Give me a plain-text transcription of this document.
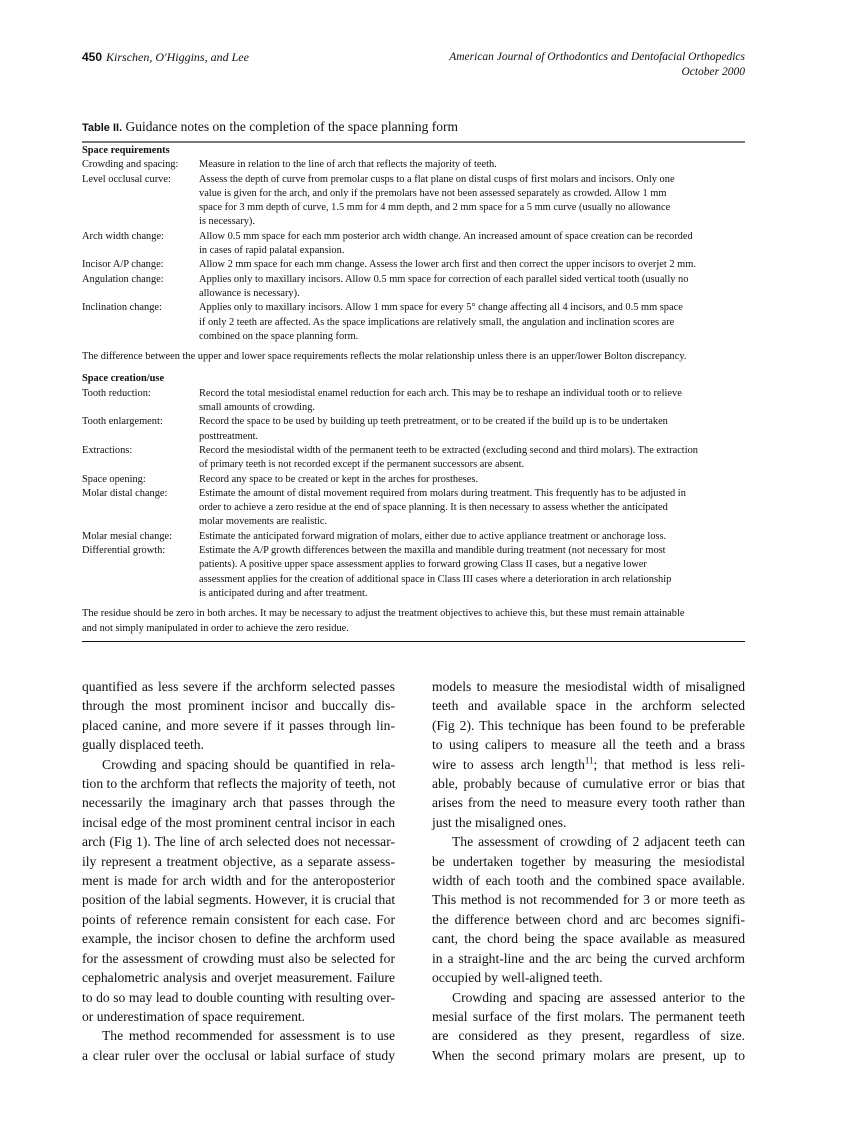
450 Kirschen, O'Higgins, and Lee	American Journal of Orthodontics and Dentofacial Orthopedics
October 2000
Table II. Guidance notes on the completion of the space planning form
Space requirements
Crowding and spacing:	Measure in relation to the line of arch that reflects the majority of teeth.
Level occlusal curve:	Assess the depth of curve from premolar cusps to a flat plane on distal cusps of first molars and incisors. Only one
value is given for the arch, and only if the premolars have not been assessed separately as crowded. Allow 1 mm
space for 3 mm depth of curve, 1.5 mm for 4 mm depth, and 2 mm space for a 5 mm curve (usually no allowance
is necessary).
Arch width change:	Allow 0.5 mm space for each mm posterior arch width change. An increased amount of space creation can be recorded
in cases of rapid palatal expansion.
Incisor A/P change:	Allow 2 mm space for each mm change. Assess the lower arch first and then correct the upper incisors to overjet 2 mm.
Angulation change:	Applies only to maxillary incisors. Allow 0.5 mm space for correction of each parallel sided vertical tooth (usually no
allowance is necessary).
Inclination change:	Applies only to maxillary incisors. Allow 1 mm space for every 5° change affecting all 4 incisors, and 0.5 mm space
if only 2 teeth are affected. As the space implications are relatively small, the angulation and inclination scores are
combined on the space planning form.
The difference between the upper and lower space requirements reflects the molar relationship unless there is an upper/lower Bolton discrepancy.
Space creation/use
Tooth reduction:	Record the total mesiodistal enamel reduction for each arch. This may be to reshape an individual tooth or to relieve
small amounts of crowding.
Tooth enlargement:	Record the space to be used by building up teeth pretreatment, or to be created if the build up is to be undertaken
posttreatment.
Extractions:	Record the mesiodistal width of the permanent teeth to be extracted (excluding second and third molars). The extraction
of primary teeth is not recorded except if the permanent successors are absent.
Space opening:	Record any space to be created or kept in the arches for prostheses.
Molar distal change:	Estimate the amount of distal movement required from molars during treatment. This frequently has to be adjusted in
order to achieve a zero residue at the end of space planning. It is then necessary to assess whether the anticipated
molar movements are realistic.
Molar mesial change:	Estimate the anticipated forward migration of molars, either due to active appliance treatment or anchorage loss.
Differential growth:	Estimate the A/P growth differences between the maxilla and mandible during treatment (not necessary for most
patients). A positive upper space assessment applies to forward growing Class II cases, but a negative lower
assessment applies for the creation of additional space in Class III cases where a deterioration in arch relationship
is anticipated during and after treatment.
The residue should be zero in both arches. It may be necessary to adjust the treatment objectives to achieve this, but these must remain attainable
and not simply manipulated in order to achieve the zero residue.
quantified as less severe if the archform selected passes
through the most prominent incisor and buccally dis-
placed canine, and more severe if it passes through lin-
gually displaced teeth.
Crowding and spacing should be quantified in rela-
tion to the archform that reflects the majority of teeth, not
necessarily the imaginary arch that passes through the
incisal edge of the most prominent central incisor in each
arch (Fig 1). The line of arch selected does not necessar-
ily represent a treatment objective, as a separate assess-
ment is made for arch width and for the anteroposterior
position of the labial segments. However, it is crucial that
points of reference remain consistent for each case. For
example, the incisor chosen to define the archform used
for the assessment of crowding must also be selected for
cephalometric analysis and overjet measurement. Failure
to do so may lead to double counting with resulting over-
or underestimation of space requirement.
The method recommended for assessment is to use
a clear ruler over the occlusal or labial surface of study
models to measure the mesiodistal width of misaligned
teeth and available space in the archform selected
(Fig 2). This technique has been found to be preferable
to using calipers to measure all the teeth and a brass
wire to assess arch length$^{11}$; that method is less reli-
able, probably because of cumulative error or bias that
arises from the need to measure every tooth rather than
just the misaligned ones.
The assessment of crowding of 2 adjacent teeth can
be undertaken together by measuring the mesiodistal
width of each tooth and the combined space available.
This method is not recommended for 3 or more teeth as
the difference between chord and arc becomes signifi-
cant, the chord being the space available as measured
in a straight-line and the arc being the curved archform
occupied by well-aligned teeth.
Crowding and spacing are assessed anterior to the
mesial surface of the first molars. The permanent teeth
are considered as they present, regardless of size.
When the second primary molars are present, up to
